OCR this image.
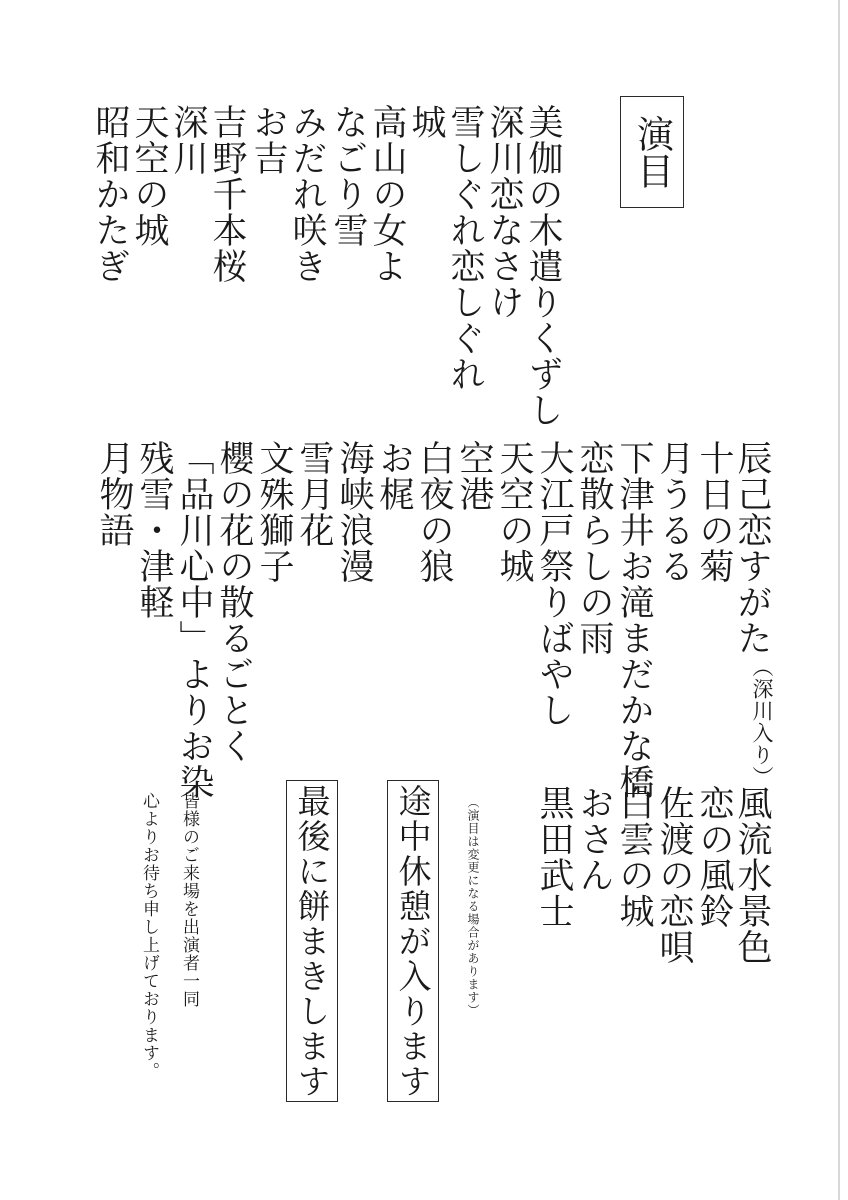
演目
美伽の木遣りくずし
深川恋なさけ
雪しぐれ恋しぐれ
城
高山の女よ
なごり雪
みだれ咲き
お吉
吉野千本桜
深川
天空の城
昭和かたぎ
辰己恋すがた（深川入り）
十日の菊
月うるる
下津井お滝まだかな橋
恋散らしの雨
大江戸祭りばやし
天空の城
空港
白夜の狼
お梶
海峡浪漫
雪月花
文殊獅子
櫻の花の散るごとく
「品川心中」よりお染
残雪・津軽
月物語
風流水景色
恋の風鈴
佐渡の恋唄
白雲の城
おさん
黒田武士
（演目は変更になる場合があります）
途中休憩が入ります
最後に餅まきします
皆様のご来場を出演者一同
心よりお待ち申し上げております。
